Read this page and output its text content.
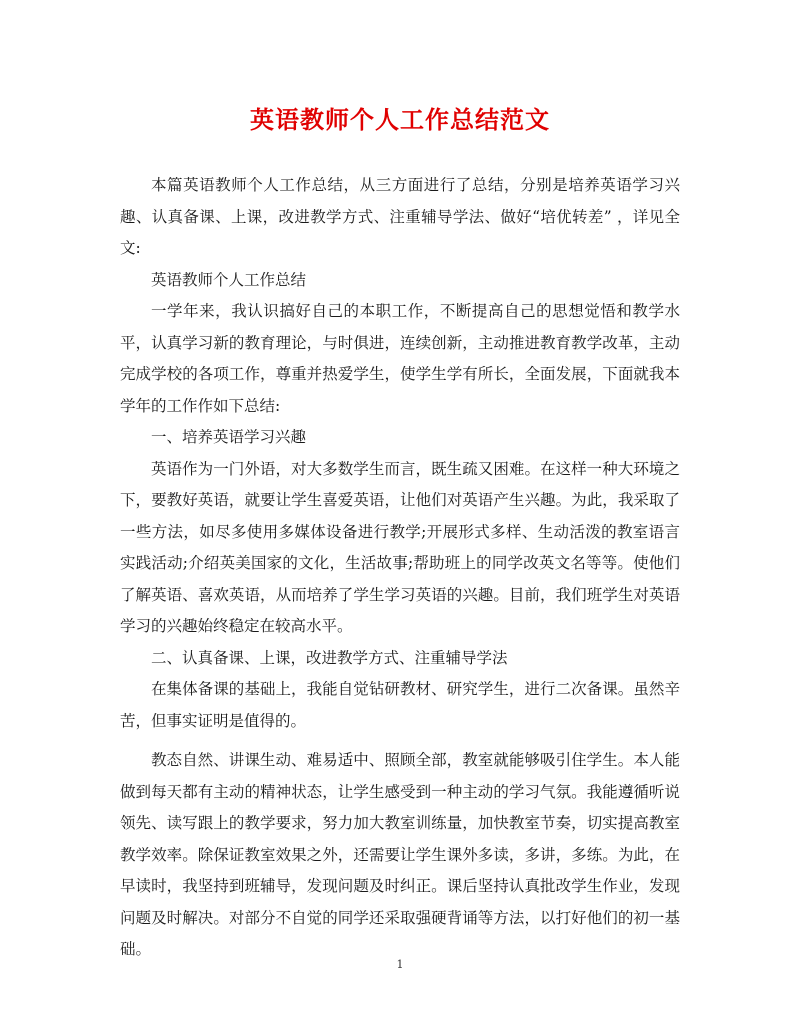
英语教师个人工作总结范文

本篇英语教师个人工作总结，从三方面进行了总结，分别是培养英语学习兴趣、认真备课、上课，改进教学方式、注重辅导学法、做好“培优转差” ，详见全文:

英语教师个人工作总结

一学年来，我认识搞好自己的本职工作，不断提高自己的思想觉悟和教学水平，认真学习新的教育理论，与时俱进，连续创新，主动推进教育教学改革，主动完成学校的各项工作，尊重并热爱学生，使学生学有所长，全面发展，下面就我本学年的工作作如下总结:

一、培养英语学习兴趣

英语作为一门外语，对大多数学生而言，既生疏又困难。在这样一种大环境之下，要教好英语，就要让学生喜爱英语，让他们对英语产生兴趣。为此，我采取了一些方法，如尽多使用多媒体设备进行教学;开展形式多样、生动活泼的教室语言实践活动;介绍英美国家的文化，生活故事;帮助班上的同学改英文名等等。使他们了解英语、喜欢英语，从而培养了学生学习英语的兴趣。目前，我们班学生对英语学习的兴趣始终稳定在较高水平。

二、认真备课、上课，改进教学方式、注重辅导学法

在集体备课的基础上，我能自觉钻研教材、研究学生，进行二次备课。虽然辛苦，但事实证明是值得的。

教态自然、讲课生动、难易适中、照顾全部，教室就能够吸引住学生。本人能做到每天都有主动的精神状态，让学生感受到一种主动的学习气氛。我能遵循听说领先、读写跟上的教学要求，努力加大教室训练量，加快教室节奏，切实提高教室教学效率。除保证教室效果之外，还需要让学生课外多读，多讲，多练。为此，在早读时，我坚持到班辅导，发现问题及时纠正。课后坚持认真批改学生作业，发现问题及时解决。对部分不自觉的同学还采取强硬背诵等方法，以打好他们的初一基础。

1
